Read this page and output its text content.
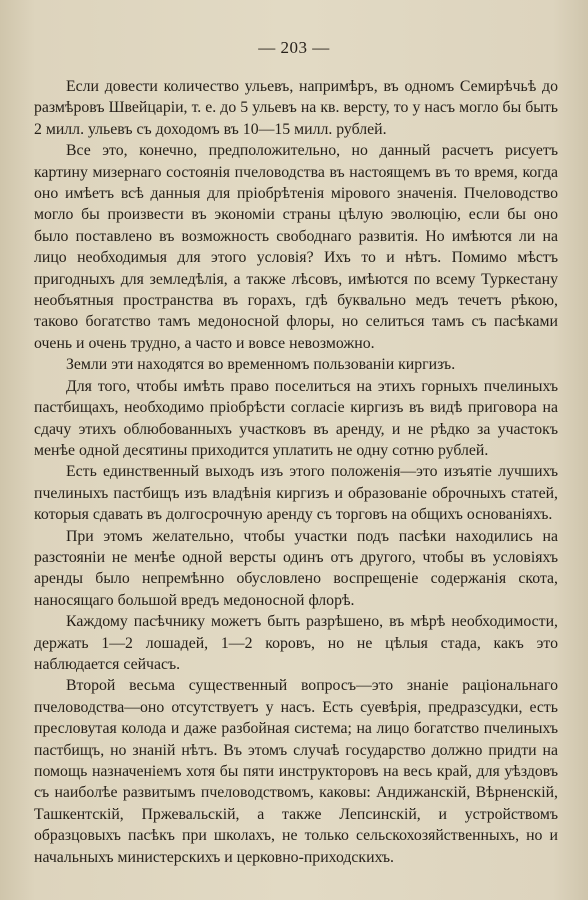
— 203 —

Если довести количество ульевъ, напримѣръ, въ одномъ Семирѣчьѣ до размѣровъ Швейцаріи, т. е. до 5 ульевъ на кв. версту, то у насъ могло бы быть 2 милл. ульевъ съ доходомъ въ 10—15 милл. рублей.

Все это, конечно, предположительно, но данный расчетъ рисуетъ картину мизернаго состоянія пчеловодства въ настоящемъ въ то время, когда оно имѣетъ всѣ данныя для пріобрѣтенія мірового значенія. Пчеловодство могло бы произвести въ экономіи страны цѣлую эволюцію, если бы оно было поставлено въ возможность свободнаго развитія. Но имѣются ли на лицо необходимыя для этого условія? Ихъ то и нѣтъ. Помимо мѣстъ пригодныхъ для земледѣлія, а также лѣсовъ, имѣются по всему Туркестану необъятныя пространства въ горахъ, гдѣ буквально медъ течетъ рѣкою, таково богатство тамъ медоносной флоры, но селиться тамъ съ пасѣками очень и очень трудно, а часто и вовсе невозможно.

Земли эти находятся во временномъ пользованіи киргизъ.

Для того, чтобы имѣть право поселиться на этихъ горныхъ пчелиныхъ пастбищахъ, необходимо пріобрѣсти согласіе киргизъ въ видѣ приговора на сдачу этихъ облюбованныхъ участковъ въ аренду, и не рѣдко за участокъ менѣе одной десятины приходится уплатить не одну сотню рублей.

Есть единственный выходъ изъ этого положенія—это изъятіе лучшихъ пчелиныхъ пастбищъ изъ владѣнія киргизъ и образованіе оброчныхъ статей, которыя сдавать въ долгосрочную аренду съ торговъ на общихъ основаніяхъ.

При этомъ желательно, чтобы участки подъ пасѣки находились на разстояніи не менѣе одной версты одинъ отъ другого, чтобы въ условіяхъ аренды было непремѣнно обусловлено воспрещеніе содержанія скота, наносящаго большой вредъ медоносной флорѣ.

Каждому пасѣчнику можетъ быть разрѣшено, въ мѣрѣ необходимости, держать 1—2 лошадей, 1—2 коровъ, но не цѣлыя стада, какъ это наблюдается сейчасъ.

Второй весьма существенный вопросъ—это знаніе раціональнаго пчеловодства—оно отсутствуетъ у насъ. Есть суевѣрія, предразсудки, есть пресловутая колода и даже разбойная система; на лицо богатство пчелиныхъ пастбищъ, но знаній нѣтъ. Въ этомъ случаѣ государство должно придти на помощь назначеніемъ хотя бы пяти инструкторовъ на весь край, для уѣздовъ съ наиболѣе развитымъ пчеловодствомъ, каковы: Андижанскій, Вѣрненскій, Ташкентскій, Пржевальскій, а также Лепсинскій, и устройствомъ образцовыхъ пасѣкъ при школахъ, не только сельскохозяйственныхъ, но и начальныхъ министерскихъ и церковно-приходскихъ.
